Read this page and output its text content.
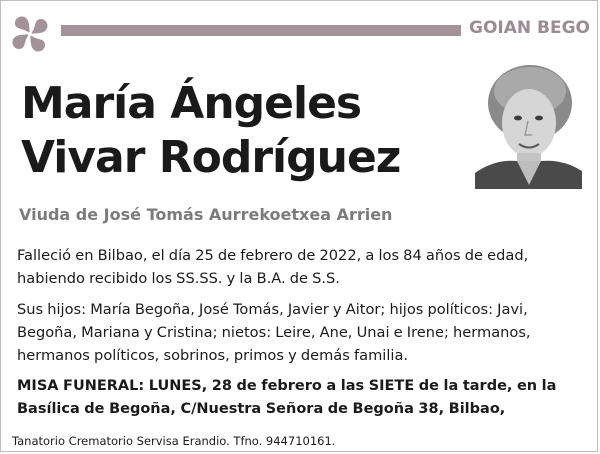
GOIAN BEGO
María Ángeles
Vivar Rodríguez
Viuda de José Tomás Aurrekoetxea Arrien
Falleció en Bilbao, el día 25 de febrero de 2022, a los 84 años de edad, habiendo recibido los SS.SS. y la B.A. de S.S.
Sus hijos: María Begoña, José Tomás, Javier y Aitor; hijos políticos: Javi, Begoña, Mariana y Cristina; nietos: Leire, Ane, Unai e Irene; hermanos, hermanos políticos, sobrinos, primos y demás familia.
MISA FUNERAL: LUNES, 28 de febrero a las SIETE de la tarde, en la Basílica de Begoña, C/Nuestra Señora de Begoña 38, Bilbao,
Tanatorio Crematorio Servisa Erandio. Tfno. 944710161.
